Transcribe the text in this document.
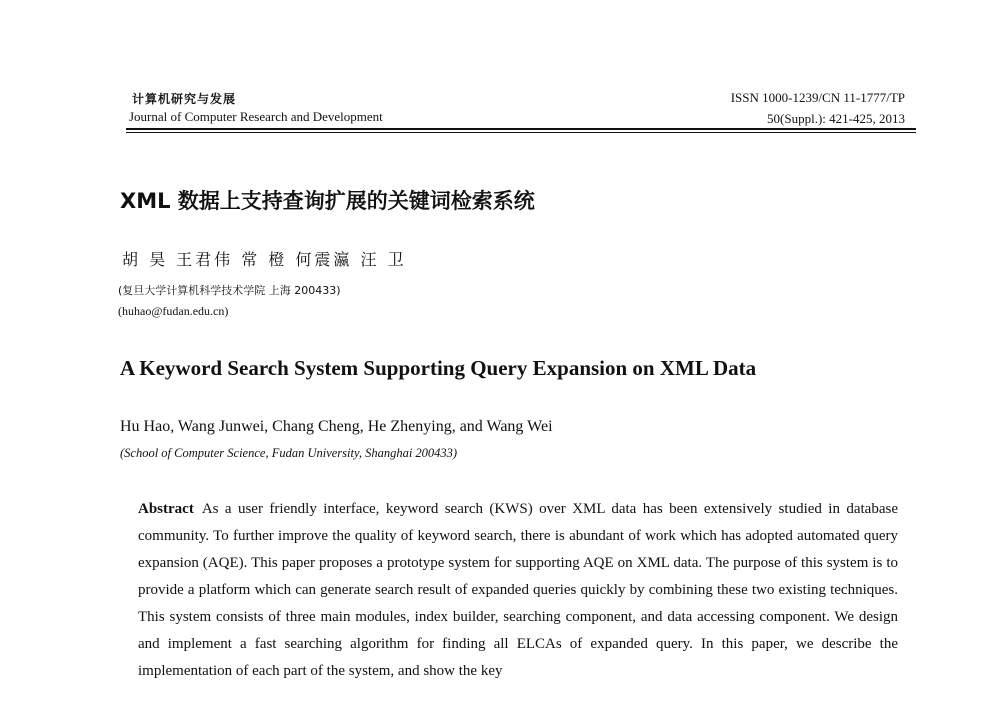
计算机研究与发展
Journal of Computer Research and Development
ISSN 1000-1239/CN 11-1777/TP
50(Suppl.): 421-425, 2013
XML 数据上支持查询扩展的关键词检索系统
胡 昊 王君伟 常 橙 何震瀛 汪 卫
(复旦大学计算机科学技术学院 上海 200433)
(huhao@fudan.edu.cn)
A Keyword Search System Supporting Query Expansion on XML Data
Hu Hao, Wang Junwei, Chang Cheng, He Zhenying, and Wang Wei
(School of Computer Science, Fudan University, Shanghai 200433)
Abstract As a user friendly interface, keyword search (KWS) over XML data has been extensively studied in database community. To further improve the quality of keyword search, there is abundant of work which has adopted automated query expansion (AQE). This paper proposes a prototype system for supporting AQE on XML data. The purpose of this system is to provide a platform which can generate search result of expanded queries quickly by combining these two existing techniques. This system consists of three main modules, index builder, searching component, and data accessing component. We design and implement a fast searching algorithm for finding all ELCAs of expanded query. In this paper, we describe the implementation of each part of the system, and show the key
